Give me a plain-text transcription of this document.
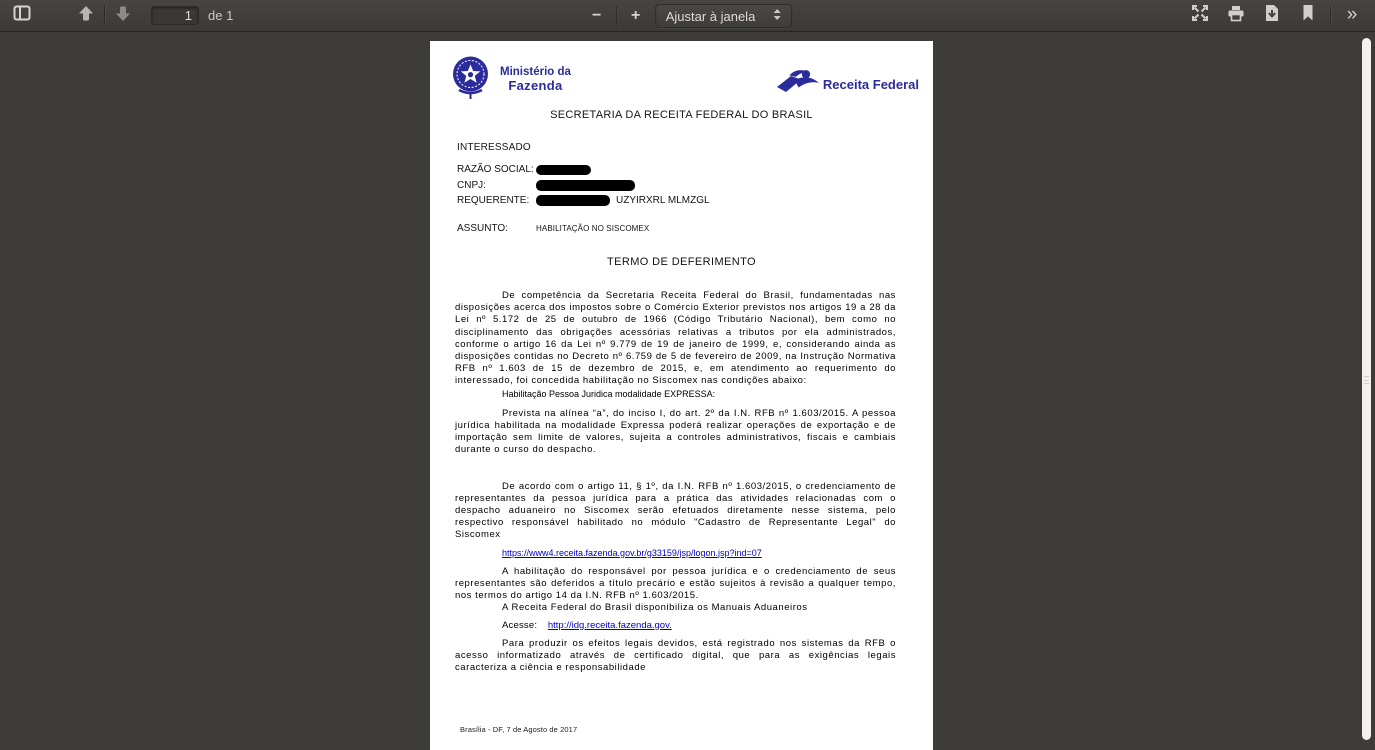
1
de 1	− + Ajustar à janela	»
Ministério da
Fazenda	Receita Federal
SECRETARIA DA RECEITA FEDERAL DO BRASIL
INTERESSADO
RAZÃO SOCIAL:
CNPJ:
REQUERENTE:	UZYIRXRL MLMZGL
ASSUNTO:	HABILITAÇÃO NO SISCOMEX
TERMO DE DEFERIMENTO

De competência da Secretaria Receita Federal do Brasil, fundamentadas nas disposições acerca dos impostos sobre o Comércio Exterior previstos nos artigos 19 a 28 da Lei nº 5.172 de 25 de outubro de 1966 (Código Tributário Nacional), bem como no disciplinamento das obrigações acessórias relativas a tributos por ela administrados, conforme o artigo 16 da Lei nº 9.779 de 19 de janeiro de 1999, e, considerando ainda as disposições contidas no Decreto nº 6.759 de 5 de fevereiro de 2009, na Instrução Normativa RFB nº 1.603 de 15 de dezembro de 2015, e, em atendimento ao requerimento do interessado, foi concedida habilitação no Siscomex nas condições abaixo:

Habilitação Pessoa Juridica modalidade EXPRESSA:

Prevista na alínea “a”, do inciso I, do art. 2º da I.N. RFB nº 1.603/2015. A pessoa jurídica habilitada na modalidade Expressa poderá realizar operações de exportação e de importação sem limite de valores, sujeita a controles administrativos, fiscais e cambiais durante o curso do despacho.

De acordo com o artigo 11, § 1º, da I.N. RFB nº 1.603/2015, o credenciamento de representantes da pessoa jurídica para a prática das atividades relacionadas com o despacho aduaneiro no Siscomex serão efetuados diretamente nesse sistema, pelo respectivo responsável habilitado no módulo "Cadastro de Representante Legal" do Siscomex

https://www4.receita.fazenda.gov.br/g33159/jsp/logon.jsp?ind=07

A habilitação do responsável por pessoa jurídica e o credenciamento de seus representantes são deferidos a título precário e estão sujeitos à revisão a qualquer tempo, nos termos do artigo 14 da I.N. RFB nº 1.603/2015.

A Receita Federal do Brasil disponibiliza os Manuais Aduaneiros
Acesse: http://idg.receita.fazenda.gov.

Para produzir os efeitos legais devidos, está registrado nos sistemas da RFB o acesso informatizado através de certificado digital, que para as exigências legais caracteriza a ciência e responsabilidade

Brasília - DF, 7 de Agosto de 2017
